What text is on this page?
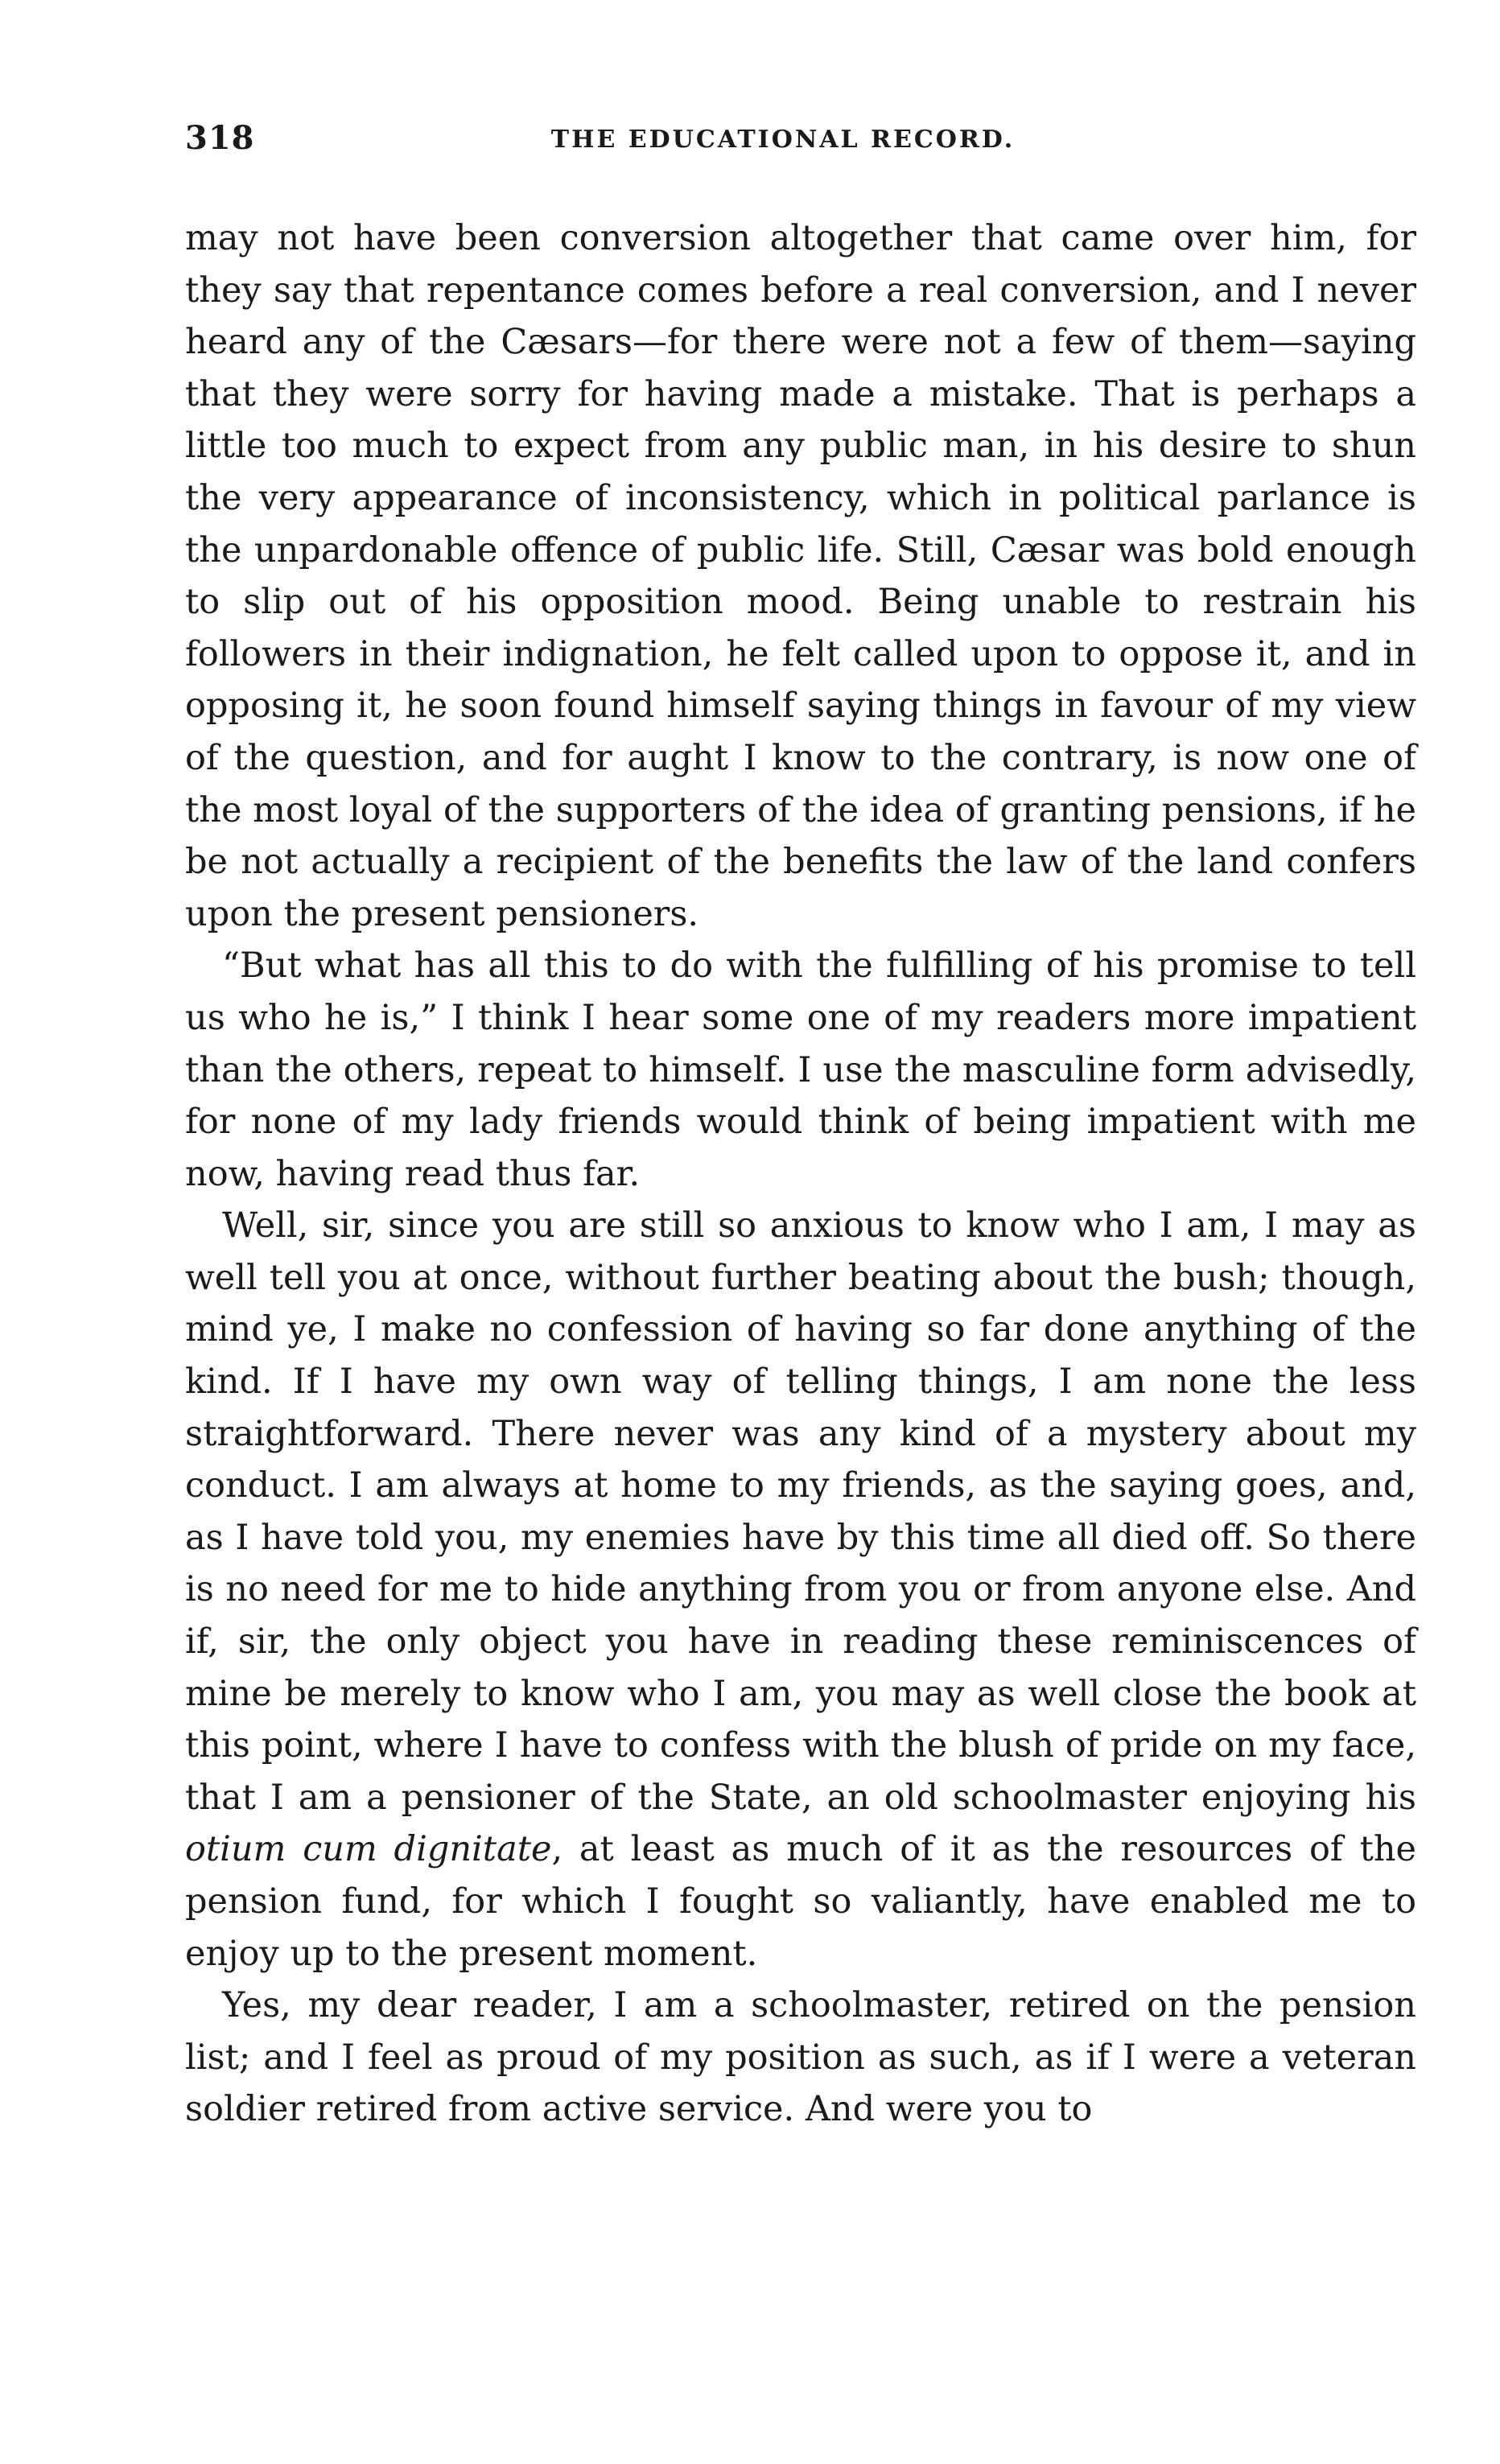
318	THE EDUCATIONAL RECORD.

may not have been conversion altogether that came over him, for they say that repentance comes before a real conversion, and I never heard any of the Cæsars—for there were not a few of them—saying that they were sorry for having made a mistake. That is perhaps a little too much to expect from any public man, in his desire to shun the very appearance of inconsistency, which in political parlance is the unpardonable offence of public life. Still, Cæsar was bold enough to slip out of his opposition mood. Being unable to restrain his followers in their indignation, he felt called upon to oppose it, and in opposing it, he soon found himself saying things in favour of my view of the question, and for aught I know to the contrary, is now one of the most loyal of the supporters of the idea of granting pensions, if he be not actually a recipient of the benefits the law of the land confers upon the present pensioners.

“But what has all this to do with the fulfilling of his promise to tell us who he is,” I think I hear some one of my readers more impatient than the others, repeat to himself. I use the masculine form advisedly, for none of my lady friends would think of being impatient with me now, having read thus far.

Well, sir, since you are still so anxious to know who I am, I may as well tell you at once, without further beating about the bush; though, mind ye, I make no confession of having so far done anything of the kind. If I have my own way of telling things, I am none the less straightforward. There never was any kind of a mystery about my conduct. I am always at home to my friends, as the saying goes, and, as I have told you, my enemies have by this time all died off. So there is no need for me to hide anything from you or from anyone else. And if, sir, the only object you have in reading these reminiscences of mine be merely to know who I am, you may as well close the book at this point, where I have to confess with the blush of pride on my face, that I am a pensioner of the State, an old schoolmaster enjoying his otium cum dignitate, at least as much of it as the resources of the pension fund, for which I fought so valiantly, have enabled me to enjoy up to the present moment.

Yes, my dear reader, I am a schoolmaster, retired on the pension list; and I feel as proud of my position as such, as if I were a veteran soldier retired from active service. And were you to
